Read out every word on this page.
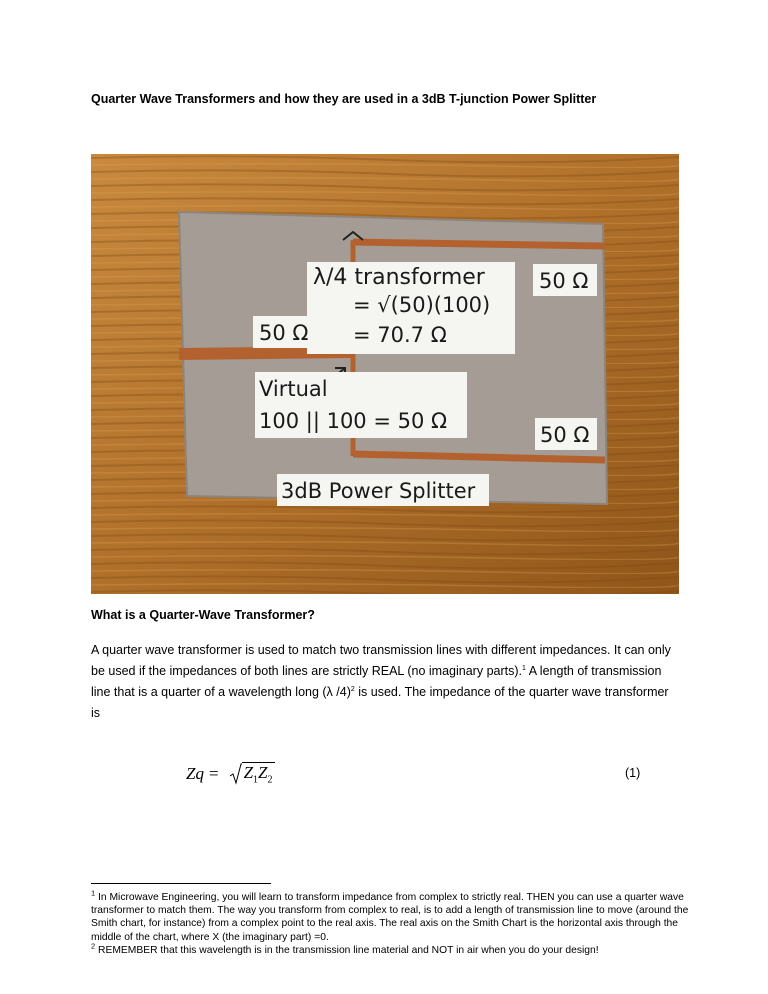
Quarter Wave Transformers and how they are used in a 3dB T-junction Power Splitter
λ/4 transformer
= √(50)(100)
= 70.7 Ω
50 Ω
50 Ω
Virtual
100 || 100 = 50 Ω
50 Ω
3dB Power Splitter
What is a Quarter-Wave Transformer?

A quarter wave transformer is used to match two transmission lines with different impedances. It can only be used if the impedances of both lines are strictly REAL (no imaginary parts).$^1$ A length of transmission line that is a quarter of a wavelength long (λ /4)$^2$ is used. The impedance of the quarter wave transformer is

$Zq = Z_1Z_2$	(1)

$^1$ In Microwave Engineering, you will learn to transform impedance from complex to strictly real. THEN you can use a quarter wave transformer to match them. The way you transform from complex to real, is to add a length of transmission line to move (around the Smith chart, for instance) from a complex point to the real axis. The real axis on the Smith Chart is the horizontal axis through the middle of the chart, where X (the imaginary part) =0.

$^2$ REMEMBER that this wavelength is in the transmission line material and NOT in air when you do your design!
